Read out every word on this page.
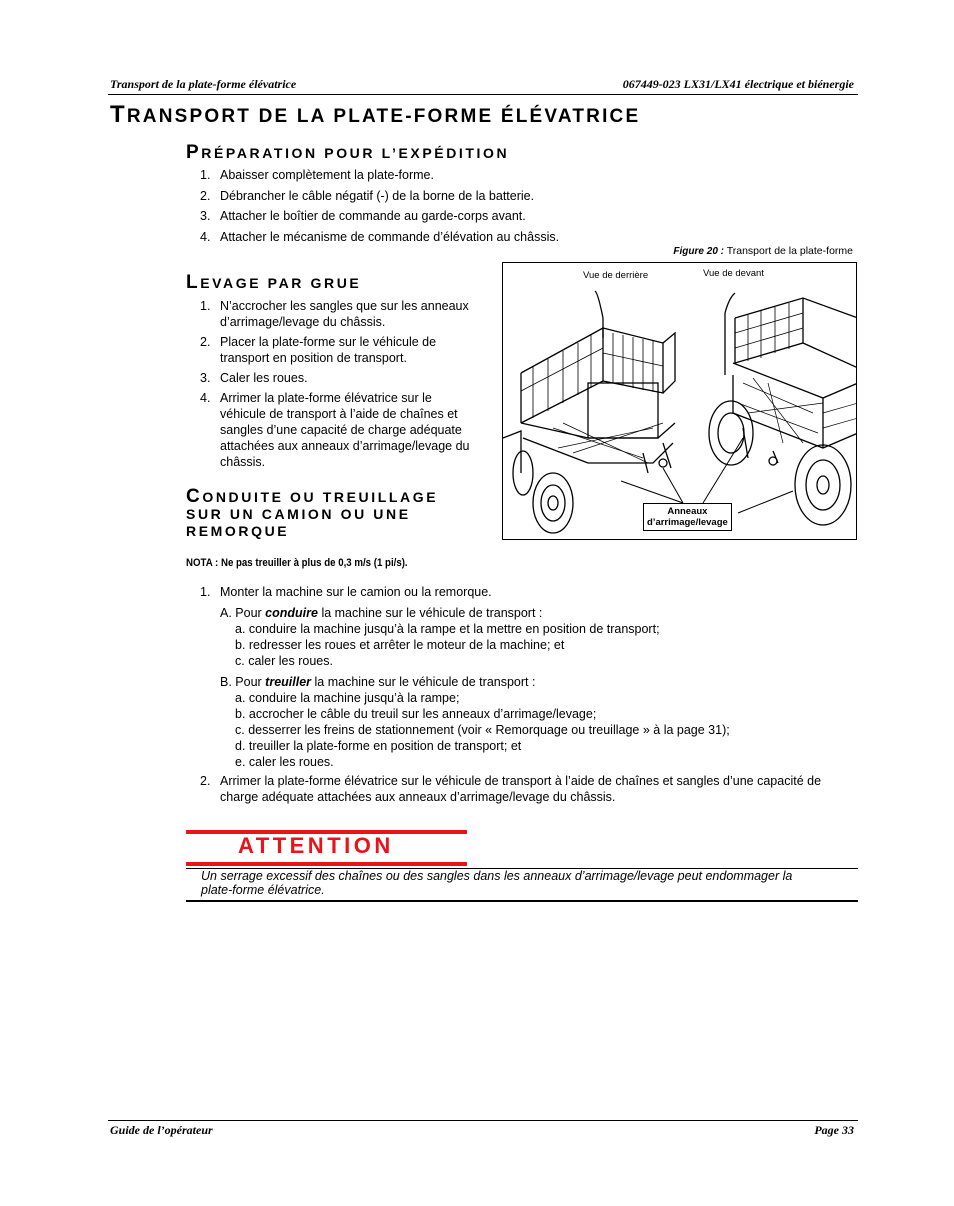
Transport de la plate-forme élévatrice	067449-023 LX31/LX41 électrique et biénergie
TRANSPORT DE LA PLATE-FORME ÉLÉVATRICE
PRÉPARATION POUR L’EXPÉDITION
1. Abaisser complètement la plate-forme.
2. Débrancher le câble négatif (-) de la borne de la batterie.
3. Attacher le boîtier de commande au garde-corps avant.
4. Attacher le mécanisme de commande d’élévation au châssis.
Figure 20 : Transport de la plate-forme
Vue de derrière	Vue de devant
Anneaux
d’arrimage/levage
LEVAGE PAR GRUE
1. N’accrocher les sangles que sur les anneaux
d’arrimage/levage du châssis.
2. Placer la plate-forme sur le véhicule de
transport en position de transport.
3. Caler les roues.
4. Arrimer la plate-forme élévatrice sur le
véhicule de transport à l’aide de chaînes et
sangles d’une capacité de charge adéquate
attachées aux anneaux d’arrimage/levage du
châssis.
CONDUITE OU TREUILLAGE
SUR UN CAMION OU UNE
REMORQUE
NOTA : Ne pas treuiller à plus de 0,3 m/s (1 pi/s).
1. Monter la machine sur le camion ou la remorque.
A. Pour conduire la machine sur le véhicule de transport :
a. conduire la machine jusqu’à la rampe et la mettre en position de transport;
b. redresser les roues et arrêter le moteur de la machine; et
c. caler les roues.
B. Pour treuiller la machine sur le véhicule de transport :
a. conduire la machine jusqu’à la rampe;
b. accrocher le câble du treuil sur les anneaux d’arrimage/levage;
c. desserrer les freins de stationnement (voir « Remorquage ou treuillage » à la page 31);
d. treuiller la plate-forme en position de transport; et
e. caler les roues.
2. Arrimer la plate-forme élévatrice sur le véhicule de transport à l’aide de chaînes et sangles d’une capacité de
charge adéquate attachées aux anneaux d’arrimage/levage du châssis.
ATTENTION
Un serrage excessif des chaînes ou des sangles dans les anneaux d’arrimage/levage peut endommager la
plate-forme élévatrice.
Guide de l’opérateur	Page 33
